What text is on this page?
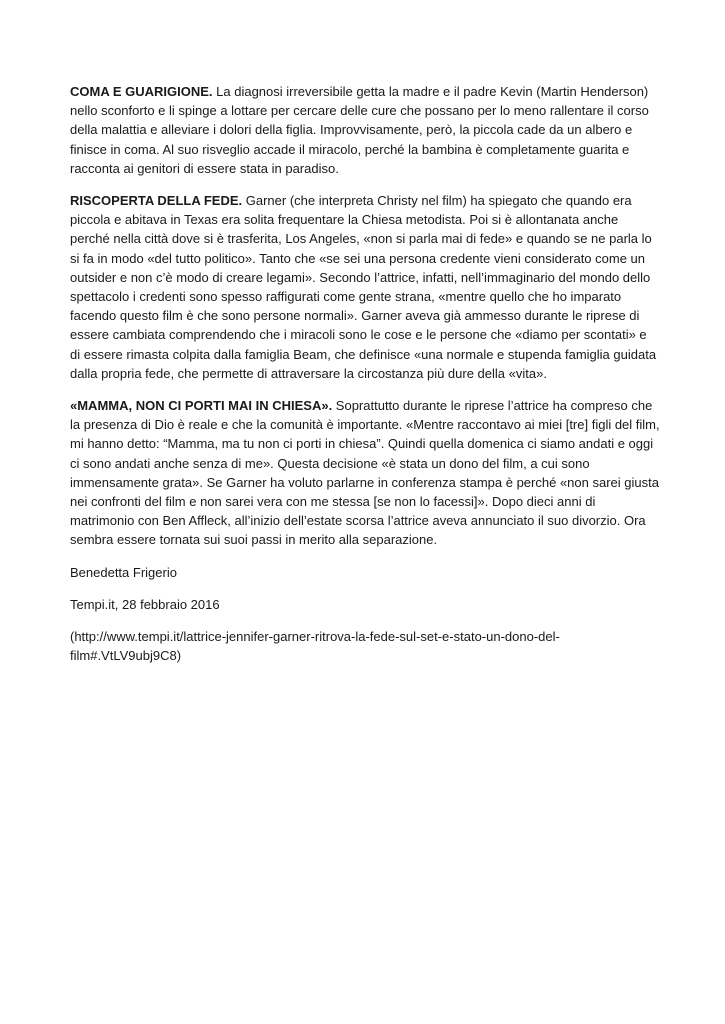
COMA E GUARIGIONE. La diagnosi irreversibile getta la madre e il padre Kevin (Martin Henderson) nello sconforto e li spinge a lottare per cercare delle cure che possano per lo meno rallentare il corso della malattia e alleviare i dolori della figlia. Improvvisamente, però, la piccola cade da un albero e finisce in coma. Al suo risveglio accade il miracolo, perché la bambina è completamente guarita e racconta ai genitori di essere stata in paradiso.

RISCOPERTA DELLA FEDE. Garner (che interpreta Christy nel film) ha spiegato che quando era piccola e abitava in Texas era solita frequentare la Chiesa metodista. Poi si è allontanata anche perché nella città dove si è trasferita, Los Angeles, «non si parla mai di fede» e quando se ne parla lo si fa in modo «del tutto politico». Tanto che «se sei una persona credente vieni considerato come un outsider e non c’è modo di creare legami». Secondo l’attrice, infatti, nell’immaginario del mondo dello spettacolo i credenti sono spesso raffigurati come gente strana, «mentre quello che ho imparato facendo questo film è che sono persone normali». Garner aveva già ammesso durante le riprese di essere cambiata comprendendo che i miracoli sono le cose e le persone che «diamo per scontati» e di essere rimasta colpita dalla famiglia Beam, che definisce «una normale e stupenda famiglia guidata dalla propria fede, che permette di attraversare la circostanza più dure della «vita».

«MAMMA, NON CI PORTI MAI IN CHIESA». Soprattutto durante le riprese l’attrice ha compreso che la presenza di Dio è reale e che la comunità è importante. «Mentre raccontavo ai miei [tre] figli del film, mi hanno detto: “Mamma, ma tu non ci porti in chiesa”. Quindi quella domenica ci siamo andati e oggi ci sono andati anche senza di me». Questa decisione «è stata un dono del film, a cui sono immensamente grata». Se Garner ha voluto parlarne in conferenza stampa è perché «non sarei giusta nei confronti del film e non sarei vera con me stessa [se non lo facessi]». Dopo dieci anni di matrimonio con Ben Affleck, all’inizio dell’estate scorsa l’attrice aveva annunciato il suo divorzio. Ora sembra essere tornata sui suoi passi in merito alla separazione.

Benedetta Frigerio

Tempi.it, 28 febbraio 2016

(http://www.tempi.it/lattrice-jennifer-garner-ritrova-la-fede-sul-set-e-stato-un-dono-del-
film#.VtLV9ubj9C8)
